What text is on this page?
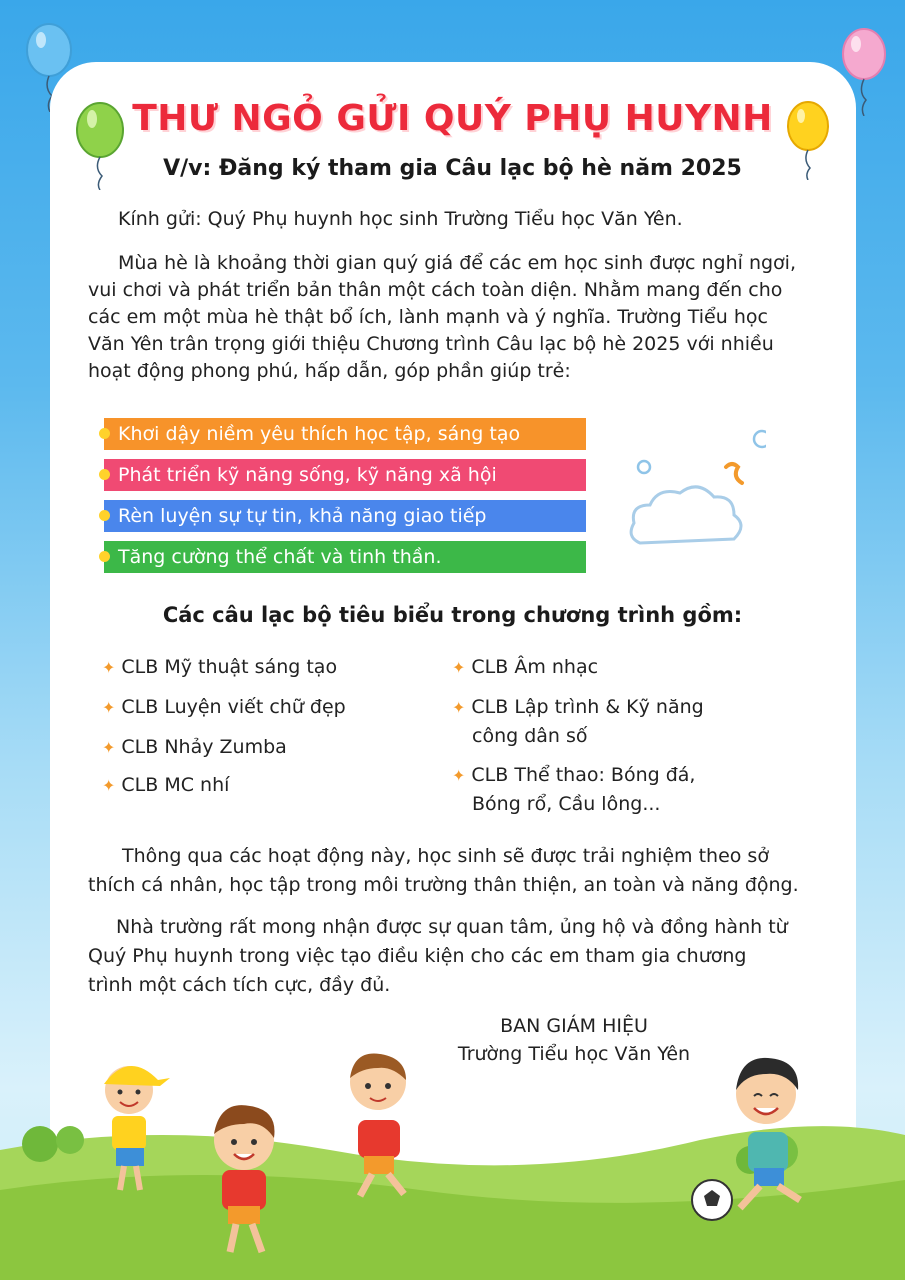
THƯ NGỎ GỬI QUÝ PHỤ HUYNH
V/v: Đăng ký tham gia Câu lạc bộ hè năm 2025
Kính gửi: Quý Phụ huynh học sinh Trường Tiểu học Văn Yên.
Mùa hè là khoảng thời gian quý giá để các em học sinh được nghỉ ngơi,
vui chơi và phát triển bản thân một cách toàn diện. Nhằm mang đến cho
các em một mùa hè thật bổ ích, lành mạnh và ý nghĩa. Trường Tiểu học
Văn Yên trân trọng giới thiệu Chương trình Câu lạc bộ hè 2025 với nhiều
hoạt động phong phú, hấp dẫn, góp phần giúp trẻ:
Khơi dậy niềm yêu thích học tập, sáng tạo
Phát triển kỹ năng sống, kỹ năng xã hội
Rèn luyện sự tự tin, khả năng giao tiếp
Tăng cường thể chất và tinh thần.
Các câu lạc bộ tiêu biểu trong chương trình gồm:
✦ CLB Mỹ thuật sáng tạo
✦ CLB Luyện viết chữ đẹp
✦ CLB Nhảy Zumba
✦ CLB MC nhí
✦ CLB Âm nhạc
✦ CLB Lập trình & Kỹ năng
công dân số
✦ CLB Thể thao: Bóng đá,
Bóng rổ, Cầu lông...
Thông qua các hoạt động này, học sinh sẽ được trải nghiệm theo sở
thích cá nhân, học tập trong môi trường thân thiện, an toàn và năng động.
Nhà trường rất mong nhận được sự quan tâm, ủng hộ và đồng hành từ
Quý Phụ huynh trong việc tạo điều kiện cho các em tham gia chương
trình một cách tích cực, đầy đủ.
BAN GIÁM HIỆU
Trường Tiểu học Văn Yên
